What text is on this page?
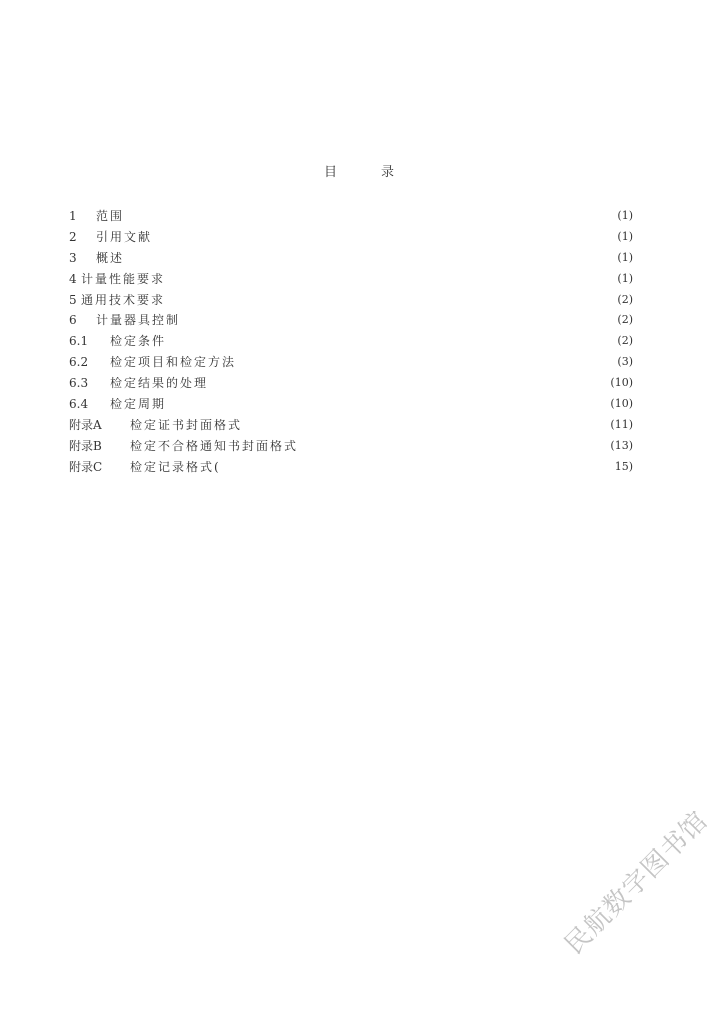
目录
1 范围	(1)
2 引用文献	(1)
3 概述	(1)
4 计量性能要求	(1)
5 通用技术要求	(2)
6 计量器具控制	(2)
6.1 检定条件	(2)
6.2 检定项目和检定方法	(3)
6.3 检定结果的处理	(10)
6.4 检定周期	(10)
附录A 检定证书封面格式	(11)
附录B 检定不合格通知书封面格式	(13)
附录C 检定记录格式(	15)
民航数字图书馆
